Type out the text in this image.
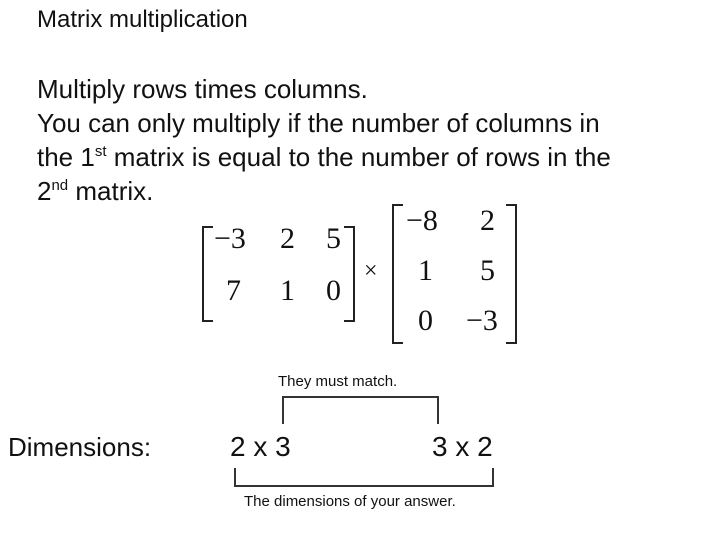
Matrix multiplication
Multiply rows times columns.
You can only multiply if the number of columns in
the 1st matrix is equal to the number of rows in the
2nd matrix.
−3 2 5
7 1 0
×
−8 2
1 5
0 −3
They must match.
Dimensions:	2 x 3	3 x 2
The dimensions of your answer.
